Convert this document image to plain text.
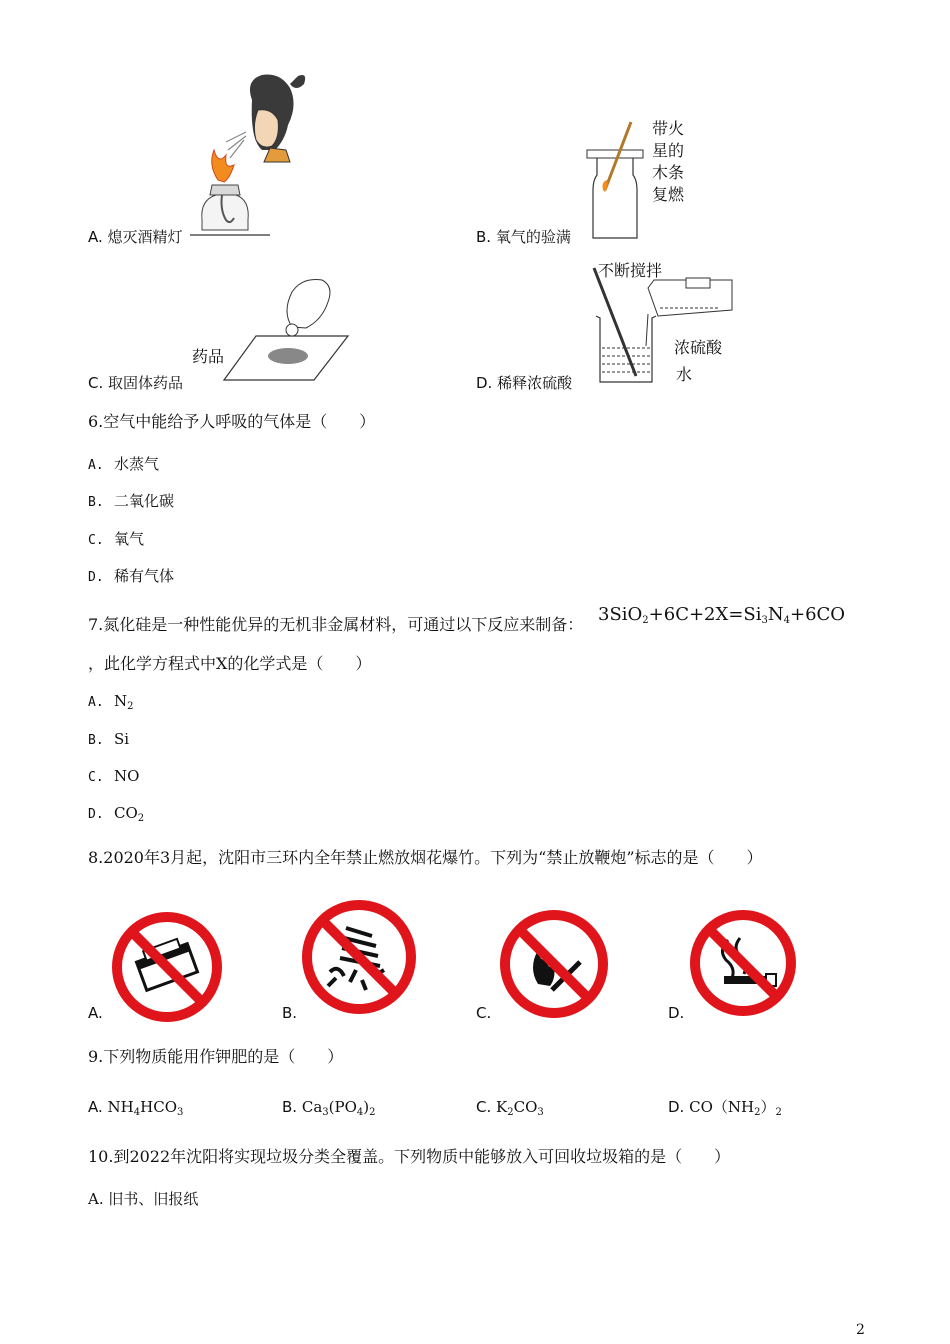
A. 熄灭酒精灯
带火
星的
木条
复燃
B. 氧气的验满
药品
C. 取固体药品
不断搅拌
浓硫酸
水
D. 稀释浓硫酸
6.空气中能给予人呼吸的气体是（　　）
A. 水蒸气
B. 二氧化碳
C. 氧气
D. 稀有气体
7.氮化硅是一种性能优异的无机非金属材料，可通过以下反应来制备： $3SiO_2+6C+2X=Si_3N_4+6CO$
，此化学方程式中X的化学式是（　　）
A. $N_2$
B. Si
C. NO
D. $CO_2$
8.2020年3月起，沈阳市三环内全年禁止燃放烟花爆竹。下列为“禁止放鞭炮”标志的是（　　）
A.	B.	C.	D.
9.下列物质能用作钾肥的是（　　）
A. $NH_4HCO_3$	B. $Ca_3(PO_4)_2$	C. $K_2CO_3$	D. $CO(NH_2)_2$
10.到2022年沈阳将实现垃圾分类全覆盖。下列物质中能够放入可回收垃圾箱的是（　　）
A. 旧书、旧报纸
2
